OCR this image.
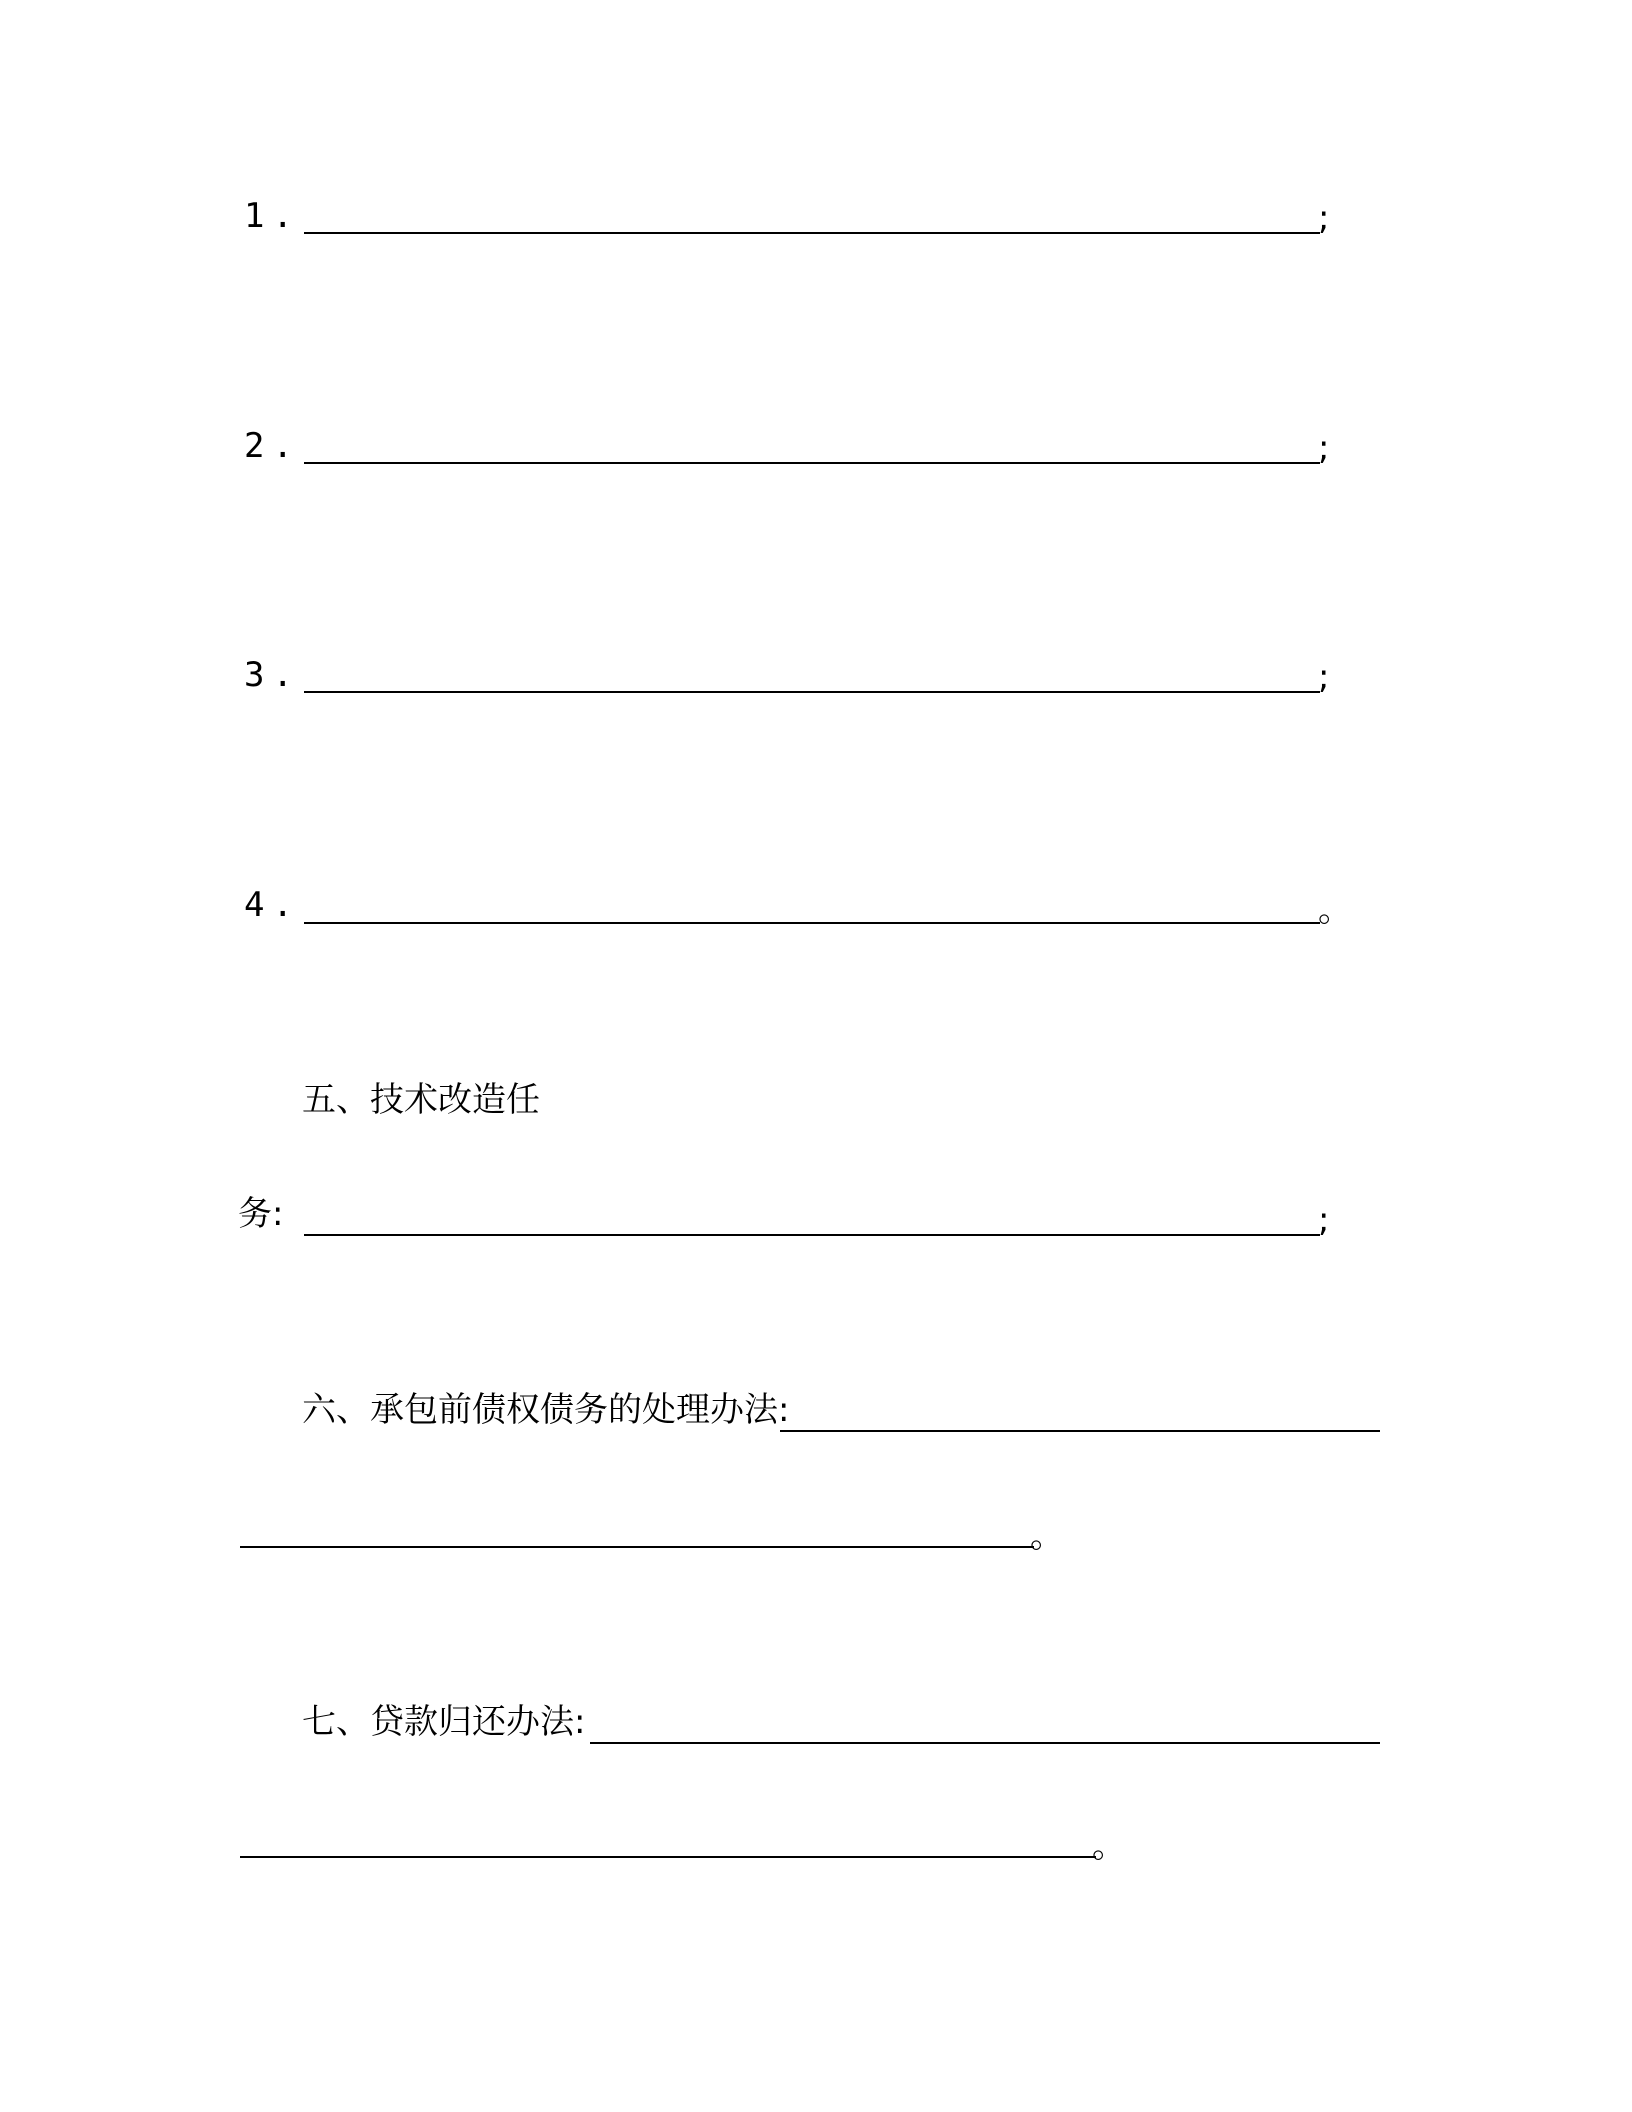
1.	;
2.	;
3.	;
4.	。
五、技术改造任
务:	;
六、承包前债权债务的处理办法:
。
七、贷款归还办法:
。
